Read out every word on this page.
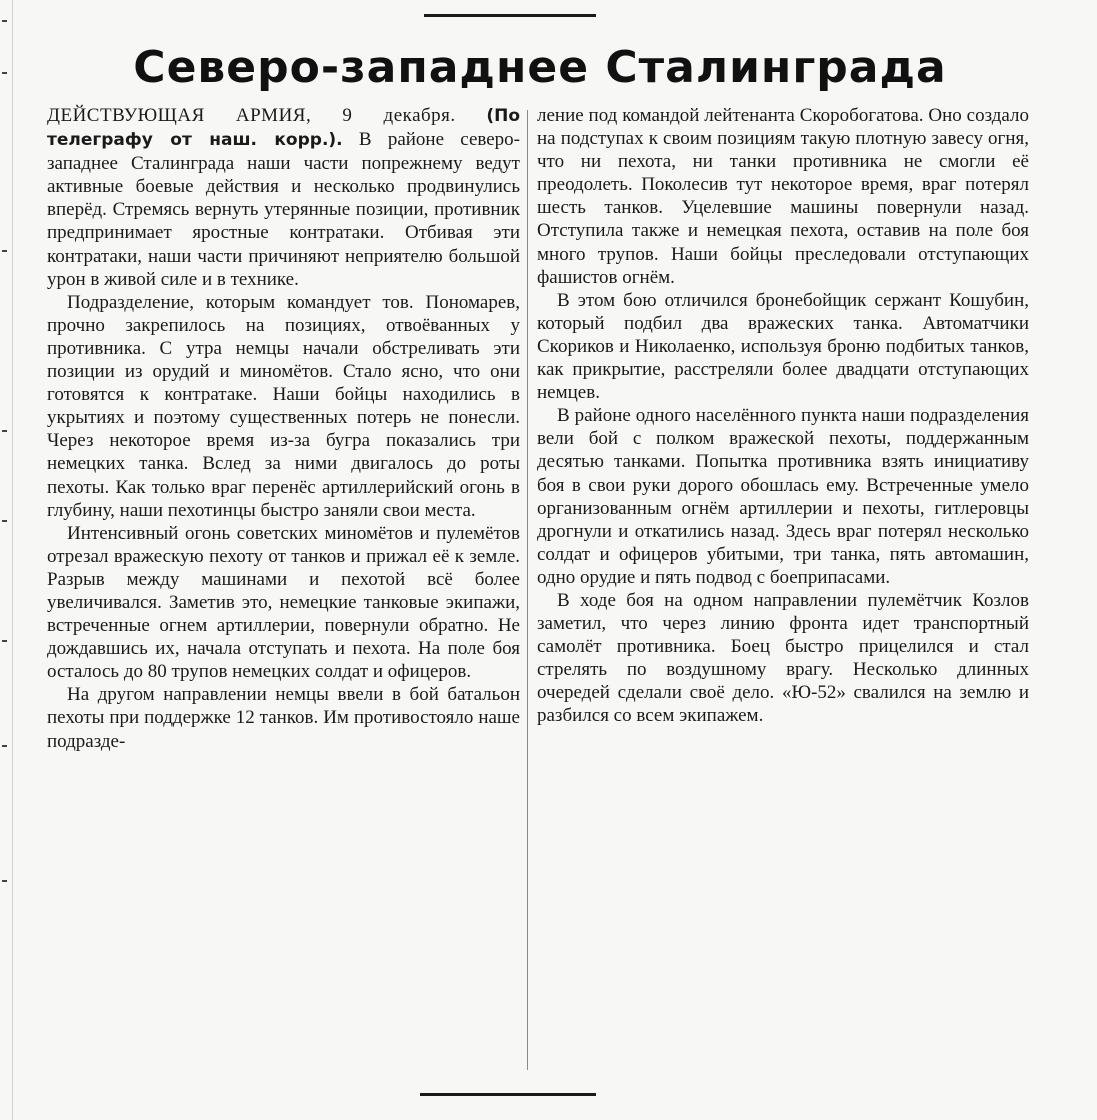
Северо-западнее Сталинграда

ДЕЙСТВУЮЩАЯ АРМИЯ, 9 декабря. (По телеграфу от наш. корр.). В районе северо-западнее Сталинграда наши части попрежнему ведут активные боевые действия и несколько продвинулись вперёд. Стремясь вернуть утерянные позиции, противник предпринимает яростные контратаки. Отбивая эти контратаки, наши части причиняют неприятелю большой урон в живой силе и в технике.

Подразделение, которым командует тов. Пономарев, прочно закрепилось на позициях, отвоёванных у противника. С утра немцы начали обстреливать эти позиции из орудий и миномётов. Стало ясно, что они готовятся к контратаке. Наши бойцы находились в укрытиях и поэтому существенных потерь не понесли. Через некоторое время из-за бугра показались три немецких танка. Вслед за ними двигалось до роты пехоты. Как только враг перенёс артиллерийский огонь в глубину, наши пехотинцы быстро заняли свои места.

Интенсивный огонь советских миномётов и пулемётов отрезал вражескую пехоту от танков и прижал её к земле. Разрыв между машинами и пехотой всё более увеличивался. Заметив это, немецкие танковые экипажи, встреченные огнем артиллерии, повернули обратно. Не дождавшись их, начала отступать и пехота. На поле боя осталось до 80 трупов немецких солдат и офицеров.

На другом направлении немцы ввели в бой батальон пехоты при поддержке 12 танков. Им противостояло наше подразде-

ление под командой лейтенанта Скоробогатова. Оно создало на подступах к своим позициям такую плотную завесу огня, что ни пехота, ни танки противника не смогли её преодолеть. Поколесив тут некоторое время, враг потерял шесть танков. Уцелевшие машины повернули назад. Отступила также и немецкая пехота, оставив на поле боя много трупов. Наши бойцы преследовали отступающих фашистов огнём.

В этом бою отличился бронебойщик сержант Кошубин, который подбил два вражеских танка. Автоматчики Скориков и Николаенко, используя броню подбитых танков, как прикрытие, расстреляли более двадцати отступающих немцев.

В районе одного населённого пункта наши подразделения вели бой с полком вражеской пехоты, поддержанным десятью танками. Попытка противника взять инициативу боя в свои руки дорого обошлась ему. Встреченные умело организованным огнём артиллерии и пехоты, гитлеровцы дрогнули и откатились назад. Здесь враг потерял несколько солдат и офицеров убитыми, три танка, пять автомашин, одно орудие и пять подвод с боеприпасами.

В ходе боя на одном направлении пулемётчик Козлов заметил, что через линию фронта идет транспортный самолёт противника. Боец быстро прицелился и стал стрелять по воздушному врагу. Несколько длинных очередей сделали своё дело. «Ю-52» свалился на землю и разбился со всем экипажем.
